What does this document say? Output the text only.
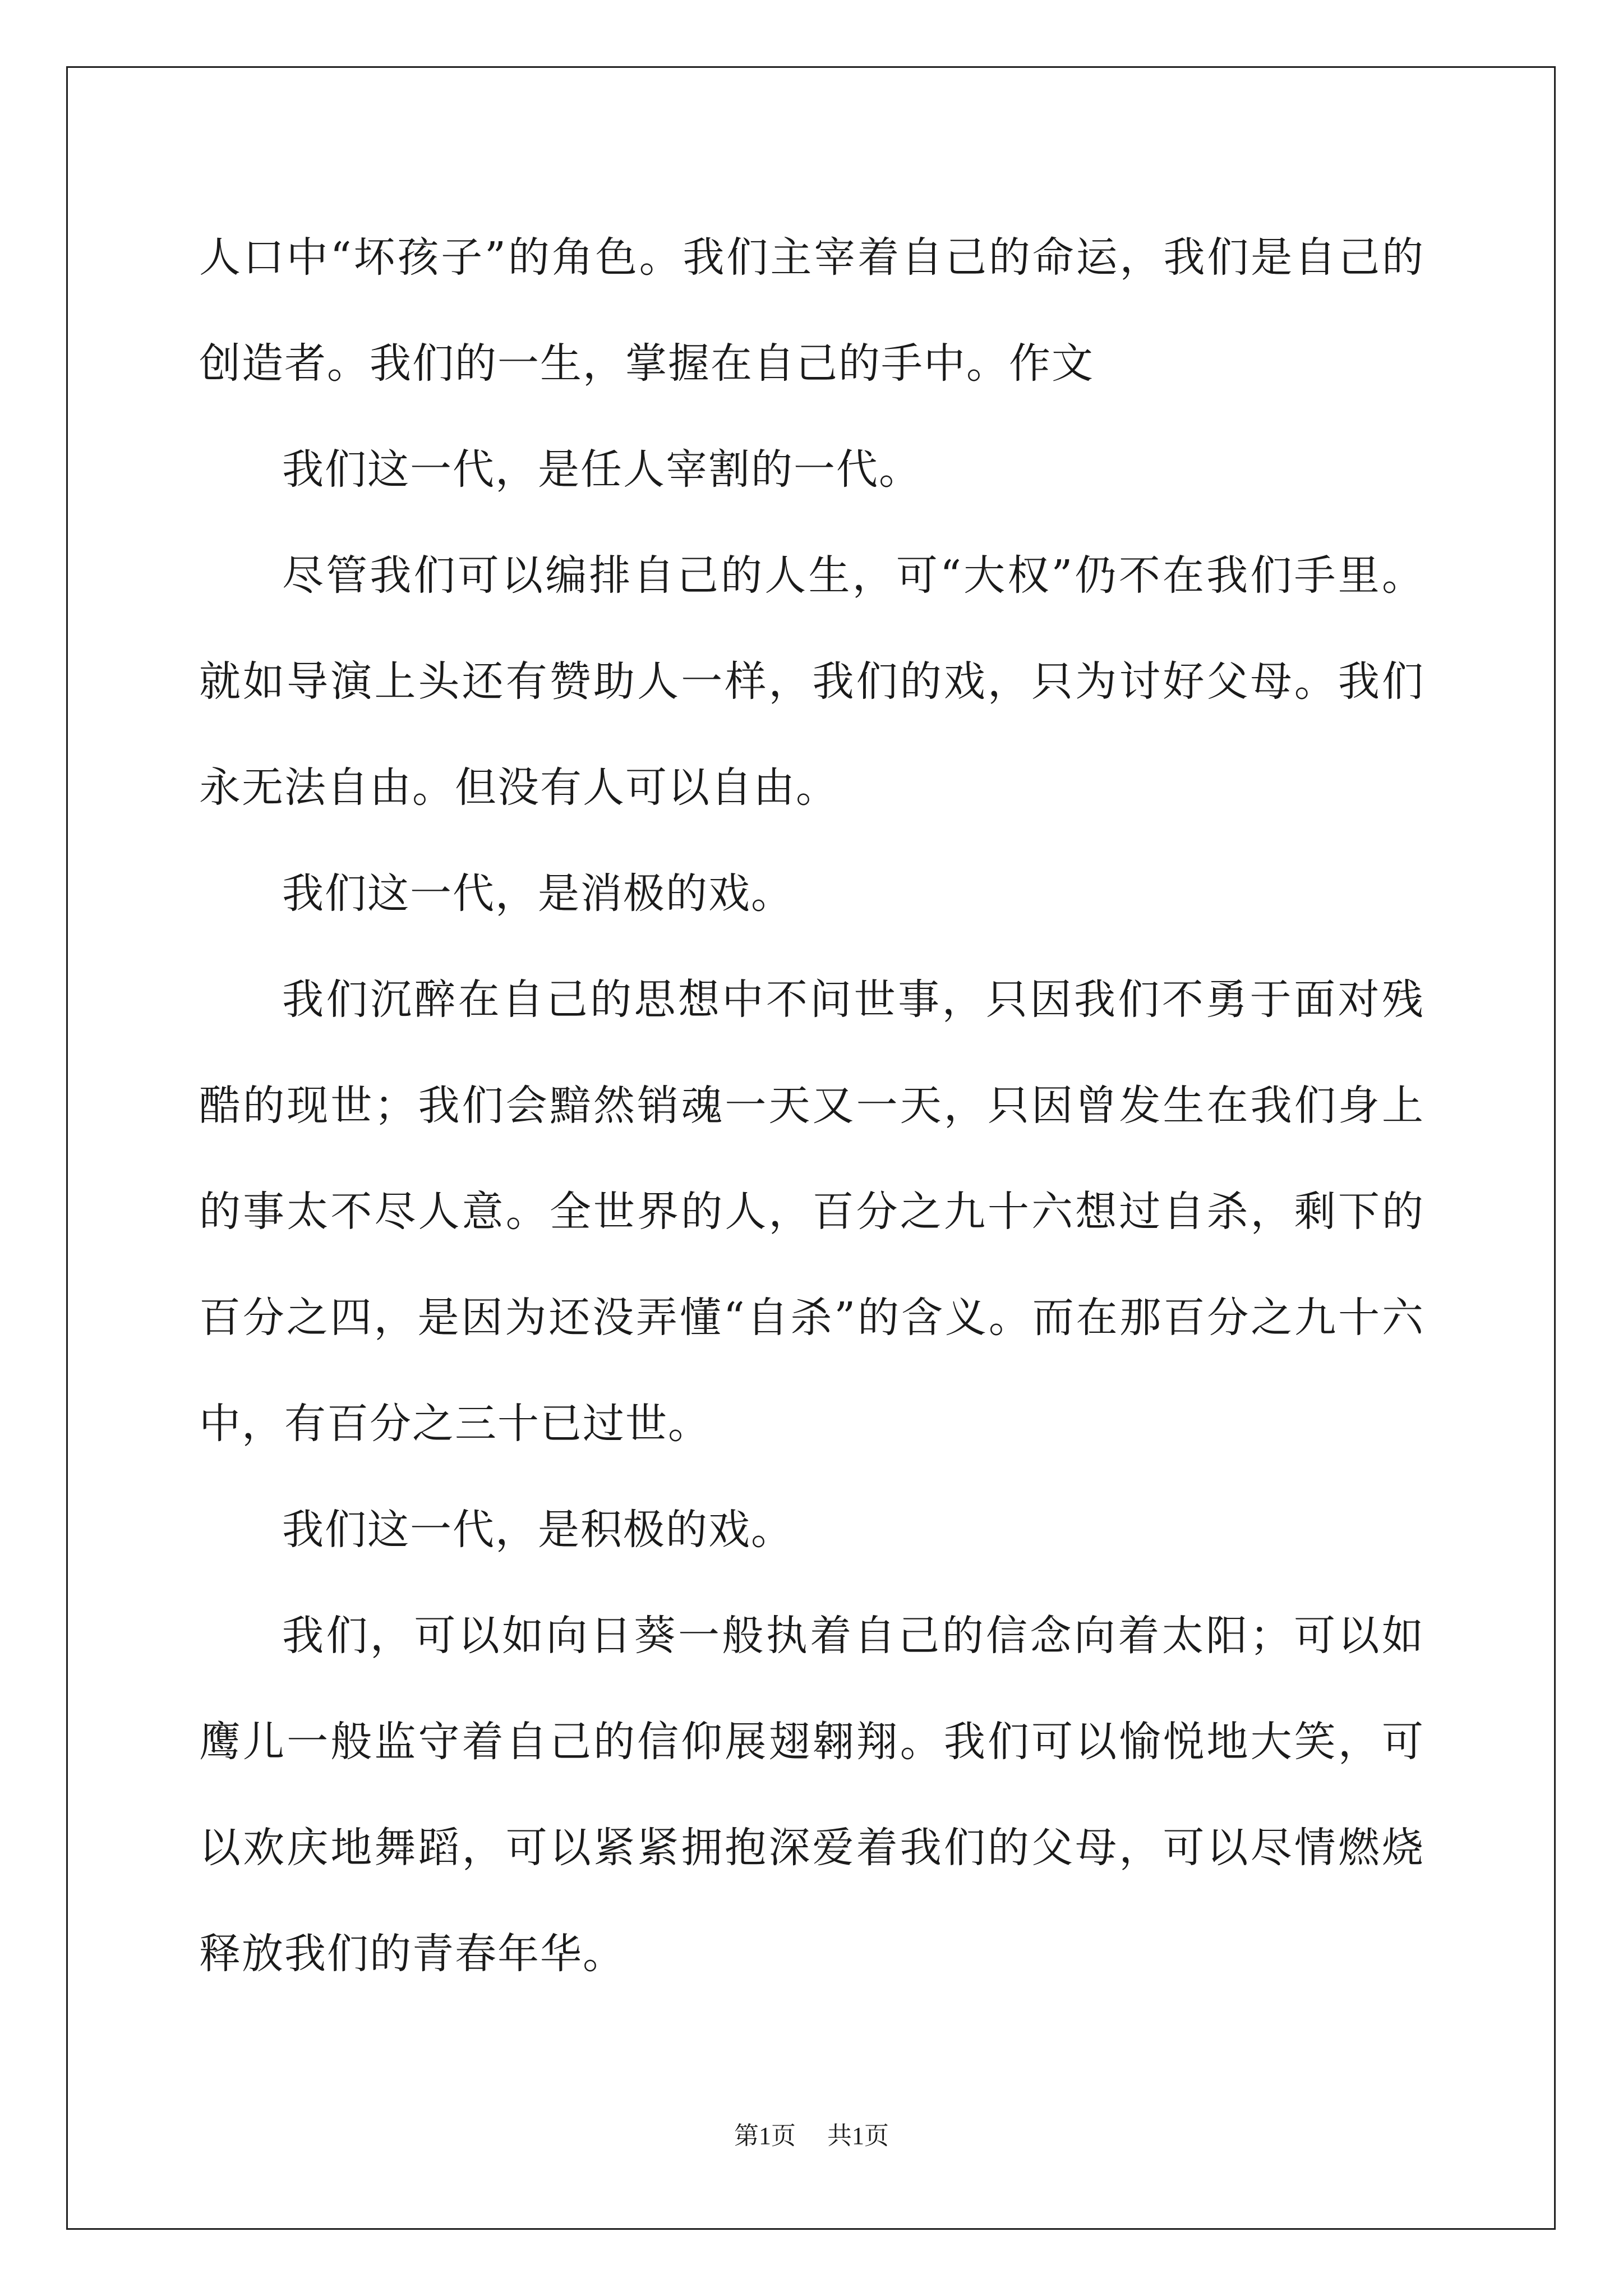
人口中“坏孩子”的角色。我们主宰着自己的命运，我们是自己的创造者。我们的一生，掌握在自己的手中。作文

我们这一代，是任人宰割的一代。

尽管我们可以编排自己的人生，可“大权”仍不在我们手里。就如导演上头还有赞助人一样，我们的戏，只为讨好父母。我们永无法自由。但没有人可以自由。

我们这一代，是消极的戏。

我们沉醉在自己的思想中不问世事，只因我们不勇于面对残酷的现世；我们会黯然销魂一天又一天，只因曾发生在我们身上的事太不尽人意。全世界的人，百分之九十六想过自杀，剩下的百分之四，是因为还没弄懂“自杀”的含义。而在那百分之九十六中，有百分之三十已过世。

我们这一代，是积极的戏。

我们，可以如向日葵一般执着自己的信念向着太阳；可以如鹰儿一般监守着自己的信仰展翅翱翔。我们可以愉悦地大笑，可以欢庆地舞蹈，可以紧紧拥抱深爱着我们的父母，可以尽情燃烧释放我们的青春年华。

第1页 共1页
